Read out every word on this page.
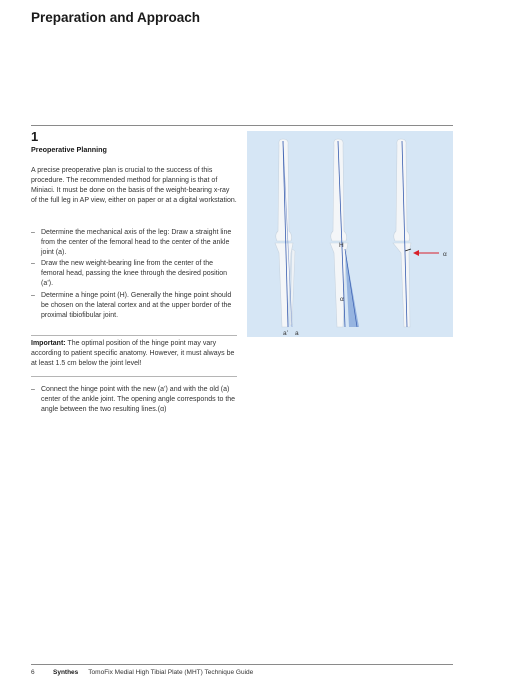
Preparation and Approach
1
Preoperative Planning

A precise preoperative plan is crucial to the success of this procedure. The recommended method for planning is that of Miniaci. It must be done on the basis of the weight-bearing x-ray of the full leg in AP view, either on paper or at a digital workstation.

– Determine the mechanical axis of the leg: Draw a straight line from the center of the femoral head to the center of the ankle joint (a).
– Draw the new weight-bearing line from the center of the femoral head, passing the knee through the desired position (a’).
– Determine a hinge point (H). Generally the hinge point should be chosen on the lateral cortex and at the upper border of the proximal tibiofibular joint.

Important: The optimal position of the hinge point may vary according to patient specific anatomy. However, it must always be at least 1.5 cm below the joint level!

– Connect the hinge point with the new (a’) and with the old (a) center of the ankle joint. The opening angle corresponds to the angle between the two resulting lines.(α)
a’ a
H
α
α
6	Synthes TomoFix Medial High Tibial Plate (MHT) Technique Guide
